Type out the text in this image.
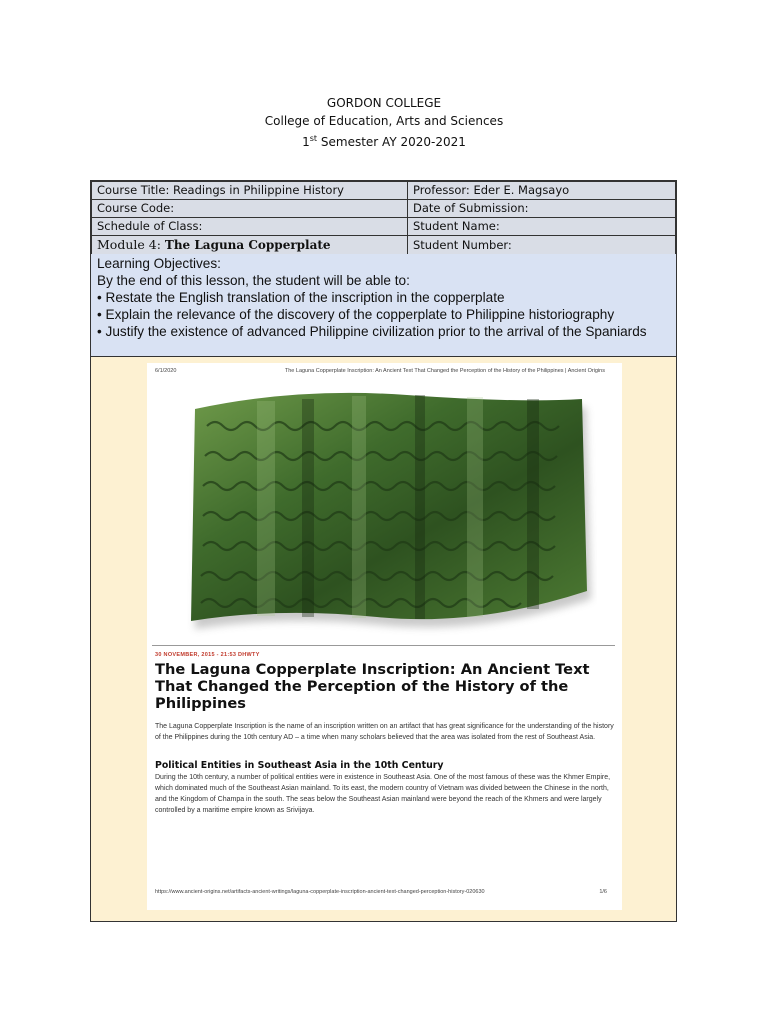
GORDON COLLEGE
College of Education, Arts and Sciences
1st Semester AY 2020-2021
Course Title: Readings in Philippine History	Professor: Eder E. Magsayo
Course Code:	Date of Submission:
Schedule of Class:	Student Name:
Module 4: The Laguna Copperplate	Student Number:
Learning Objectives:
By the end of this lesson, the student will be able to:
• Restate the English translation of the inscription in the copperplate
• Explain the relevance of the discovery of the copperplate to Philippine historiography
• Justify the existence of advanced Philippine civilization prior to the arrival of the Spaniards
6/1/2020	The Laguna Copperplate Inscription: An Ancient Text That Changed the Perception of the History of the Philippines | Ancient Origins
30 NOVEMBER, 2015 - 21:53 DHWTY
The Laguna Copperplate Inscription: An Ancient Text That Changed the Perception of the History of the Philippines
The Laguna Copperplate Inscription is the name of an inscription written on an artifact that has great significance for the understanding of the history of the Philippines during the 10th century AD – a time when many scholars believed that the area was isolated from the rest of Southeast Asia.
Political Entities in Southeast Asia in the 10th Century
During the 10th century, a number of political entities were in existence in Southeast Asia. One of the most famous of these was the Khmer Empire, which dominated much of the Southeast Asian mainland. To its east, the modern country of Vietnam was divided between the Chinese in the north, and the Kingdom of Champa in the south. The seas below the Southeast Asian mainland were beyond the reach of the Khmers and were largely controlled by a maritime empire known as Srivijaya.
https://www.ancient-origins.net/artifacts-ancient-writings/laguna-copperplate-inscription-ancient-text-changed-perception-history-020630	1/6
